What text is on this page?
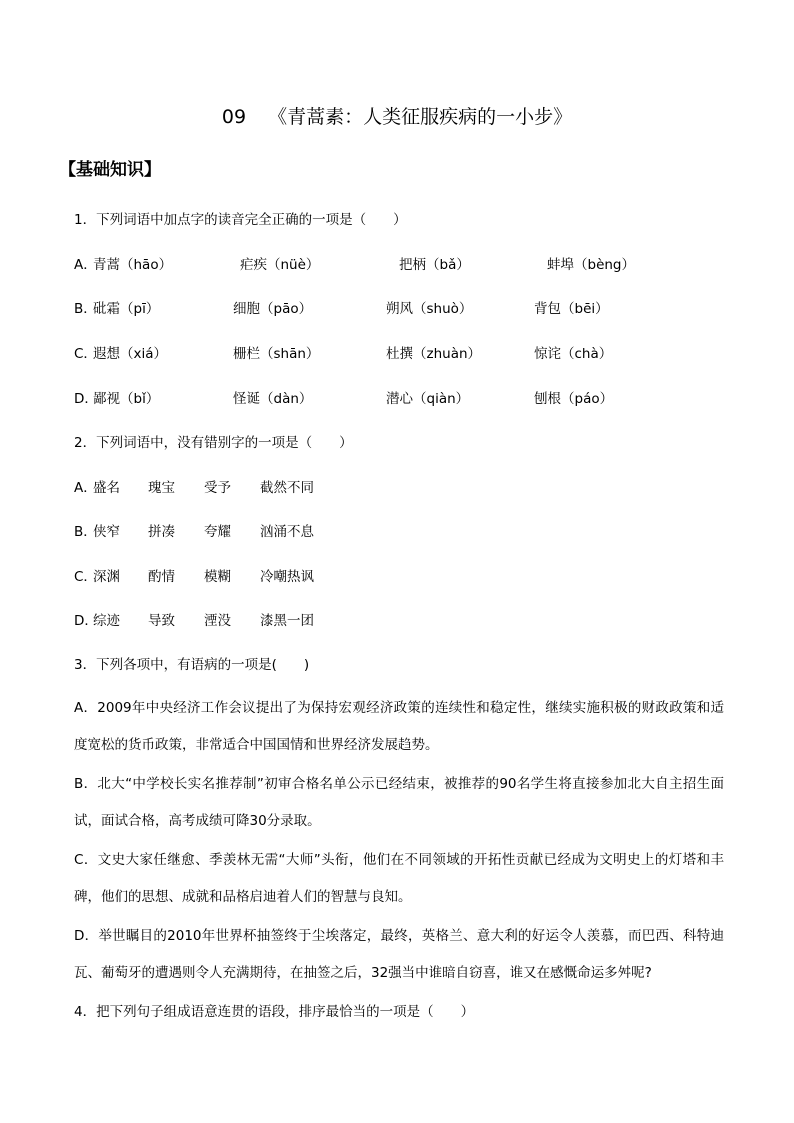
09 《青蒿素：人类征服疾病的一小步》
【基础知识】
1．下列词语中加点字的读音完全正确的一项是（　　）
A．
青蒿（hāo）	疟疾（nüè）	把柄（bǎ）	蚌埠（bèng）
B．
砒霜（pī）	细胞（pāo）	朔风（shuò）	背包（bēi）
C．
遐想（xiá）	栅栏（shān）	杜撰（zhuàn）	惊诧（chà）
D．
鄙视（bǐ）	怪诞（dàn）	潜心（qiàn）	刨根（páo）
2．下列词语中，没有错别字的一项是（　　）
A．
盛名 瑰宝 受予 截然不同
B．
侠窄 拼凑 夸耀 汹涌不息
C．
深渊 酌情 模糊 冷嘲热讽
D．
综迹 导致 湮没 漆黑一团
3．下列各项中，有语病的一项是(　　)
A．2009年中央经济工作会议提出了为保持宏观经济政策的连续性和稳定性，继续实施积极的财政政策和适度宽松的货币政策，非常适合中国国情和世界经济发展趋势。
B．北大“中学校长实名推荐制”初审合格名单公示已经结束，被推荐的90名学生将直接参加北大自主招生面试，面试合格，高考成绩可降30分录取。
C．文史大家任继愈、季羡林无需“大师”头衔，他们在不同领域的开拓性贡献已经成为文明史上的灯塔和丰碑，他们的思想、成就和品格启迪着人们的智慧与良知。
D．举世瞩目的2010年世界杯抽签终于尘埃落定，最终，英格兰、意大利的好运令人羡慕，而巴西、科特迪瓦、葡萄牙的遭遇则令人充满期待，在抽签之后，32强当中谁暗自窃喜，谁又在感慨命运多舛呢?
4．把下列句子组成语意连贯的语段，排序最恰当的一项是（　　）
